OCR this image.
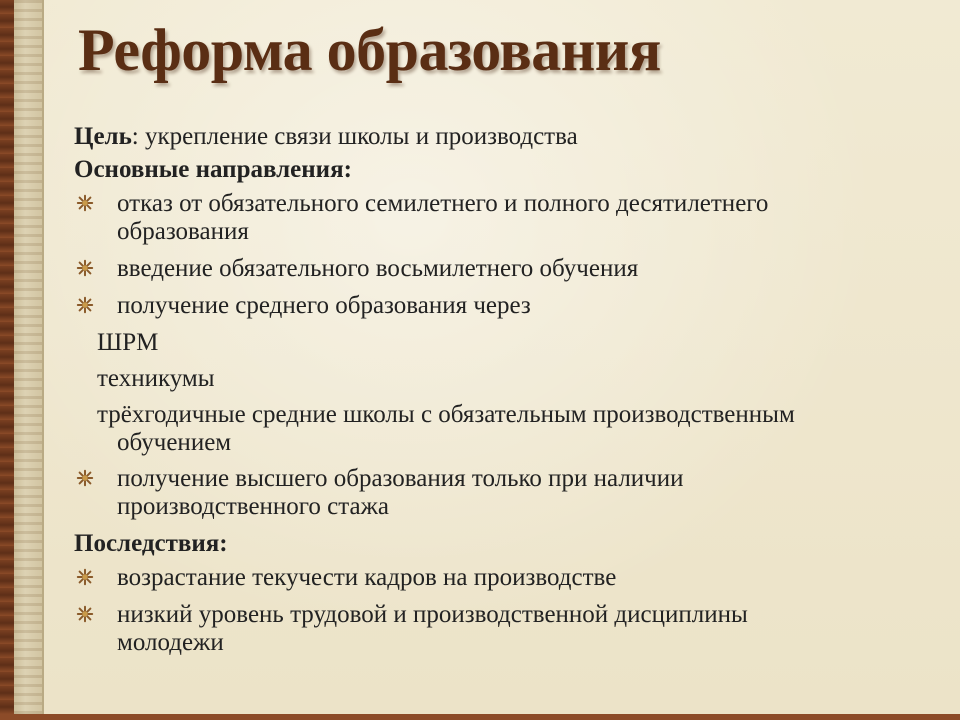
Реформа образования
Цель: укрепление связи школы и производства
Основные направления:
отказ от обязательного семилетнего и полного десятилетнего
образования
введение обязательного восьмилетнего обучения
получение среднего образования через
ШРМ
техникумы
трёхгодичные средние школы с обязательным производственным
обучением
получение высшего образования только при наличии
производственного стажа
Последствия:
возрастание текучести кадров на производстве
низкий уровень трудовой и производственной дисциплины
молодежи
